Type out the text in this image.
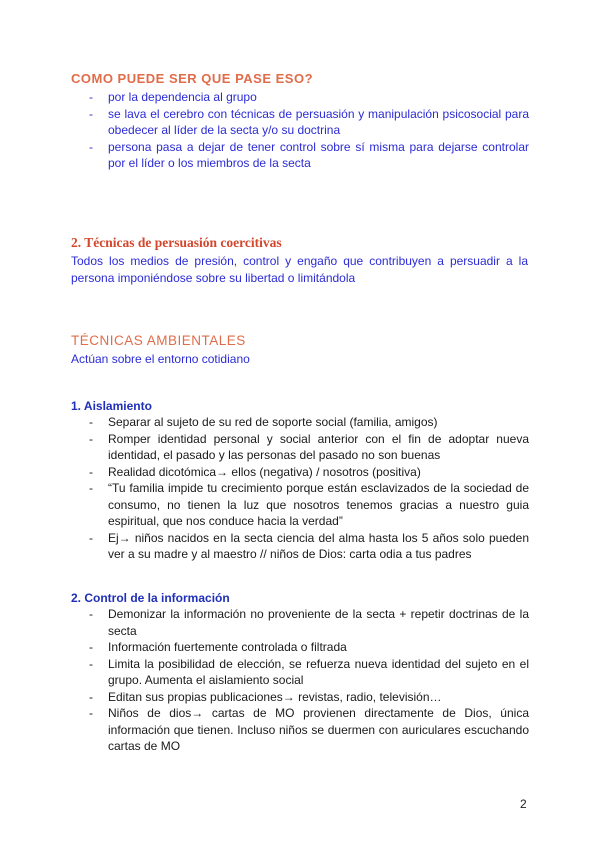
COMO PUEDE SER QUE PASE ESO?
- por la dependencia al grupo
- se lava el cerebro con técnicas de persuasión y manipulación psicosocial para obedecer al líder de la secta y/o su doctrina
- persona pasa a dejar de tener control sobre sí misma para dejarse controlar por el líder o los miembros de la secta
2. Técnicas de persuasión coercitivas
Todos los medios de presión, control y engaño que contribuyen a persuadir a la persona imponiéndose sobre su libertad o limitándola
TÉCNICAS AMBIENTALES
Actúan sobre el entorno cotidiano
1. Aislamiento
- Separar al sujeto de su red de soporte social (familia, amigos)
- Romper identidad personal y social anterior con el fin de adoptar nueva identidad, el pasado y las personas del pasado no son buenas
- Realidad dicotómica→ ellos (negativa) / nosotros (positiva)
- “Tu familia impide tu crecimiento porque están esclavizados de la sociedad de consumo, no tienen la luz que nosotros tenemos gracias a nuestro guia espiritual, que nos conduce hacia la verdad”
- Ej→ niños nacidos en la secta ciencia del alma hasta los 5 años solo pueden ver a su madre y al maestro // niños de Dios: carta odia a tus padres
2. Control de la información
- Demonizar la información no proveniente de la secta + repetir doctrinas de la secta
- Información fuertemente controlada o filtrada
- Limita la posibilidad de elección, se refuerza nueva identidad del sujeto en el grupo. Aumenta el aislamiento social
- Editan sus propias publicaciones→ revistas, radio, televisión…
- Niños de dios→ cartas de MO provienen directamente de Dios, única información que tienen. Incluso niños se duermen con auriculares escuchando cartas de MO
2
